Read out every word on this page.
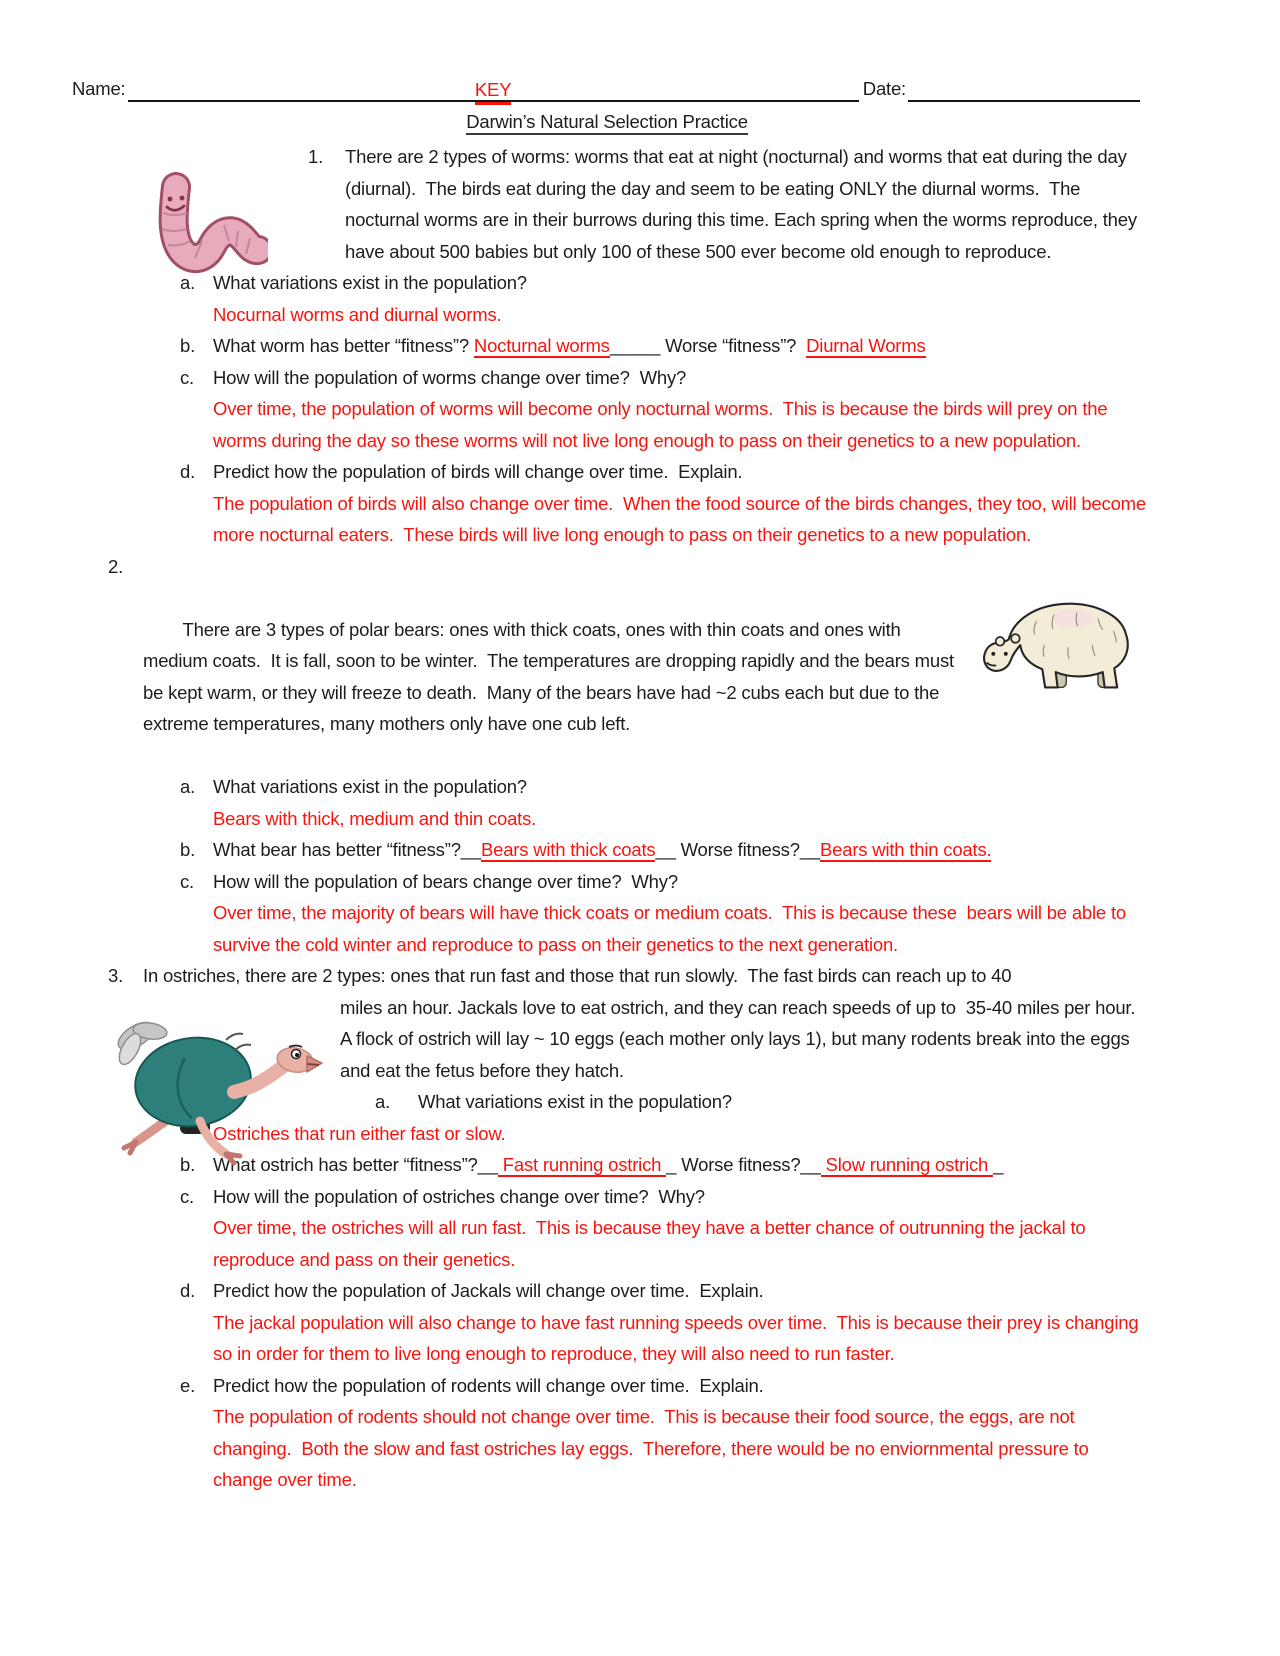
Name:	KEY	Date:
Darwin’s Natural Selection Practice
1.	There are 2 types of worms: worms that eat at night (nocturnal) and worms that eat during the day (diurnal).  The birds eat during the day and seem to be eating ONLY the diurnal worms.  The nocturnal worms are in their burrows during this time. Each spring when the worms reproduce, they have about 500 babies but only 100 of these 500 ever become old enough to reproduce.
a. What variations exist in the population?
Nocurnal worms and diurnal worms.
b. What worm has better “fitness”? Nocturnal worms_____ Worse “fitness”?  Diurnal Worms
c.	How will the population of worms change over time?  Why?
Over time, the population of worms will become only nocturnal worms.  This is because the birds will prey on the worms during the day so these worms will not live long enough to pass on their genetics to a new population.
d. Predict how the population of birds will change over time.  Explain.
The population of birds will also change over time.  When the food source of the birds changes, they too, will become more nocturnal eaters.  These birds will live long enough to pass on their genetics to a new population.
2.

There are 3 types of polar bears: ones with thick coats, ones with thin coats and ones with medium coats.  It is fall, soon to be winter.  The temperatures are dropping rapidly and the bears must be kept warm, or they will freeze to death.  Many of the bears have had ~2 cubs each but due to the extreme temperatures, many mothers only have one cub left.

a. What variations exist in the population?
Bears with thick, medium and thin coats.
b. What bear has better “fitness”?__Bears with thick coats__ Worse fitness?__Bears with thin coats.
c.	How will the population of bears change over time?  Why?
Over time, the majority of bears will have thick coats or medium coats.  This is because these  bears will be able to survive the cold winter and reproduce to pass on their genetics to the next generation.
3.	In ostriches, there are 2 types: ones that run fast and those that run slowly.  The fast birds can reach up to 40
miles an hour. Jackals love to eat ostrich, and they can reach speeds of up to  35-40 miles per hour.  A flock of ostrich will lay ~ 10 eggs (each mother only lays 1), but many rodents break into the eggs and eat the fetus before they hatch.
a.	What variations exist in the population?
Ostriches that run either fast or slow.
b. What ostrich has better “fitness”?__ Fast running ostrich _ Worse fitness?__ Slow running ostrich _
c.	How will the population of ostriches change over time?  Why?
Over time, the ostriches will all run fast.  This is because they have a better chance of outrunning the jackal to reproduce and pass on their genetics.
d. Predict how the population of Jackals will change over time.  Explain.
The jackal population will also change to have fast running speeds over time.  This is because their prey is changing so in order for them to live long enough to reproduce, they will also need to run faster.
e. Predict how the population of rodents will change over time.  Explain.
The population of rodents should not change over time.  This is because their food source, the eggs, are not changing.  Both the slow and fast ostriches lay eggs.  Therefore, there would be no enviornmental pressure to change over time.
